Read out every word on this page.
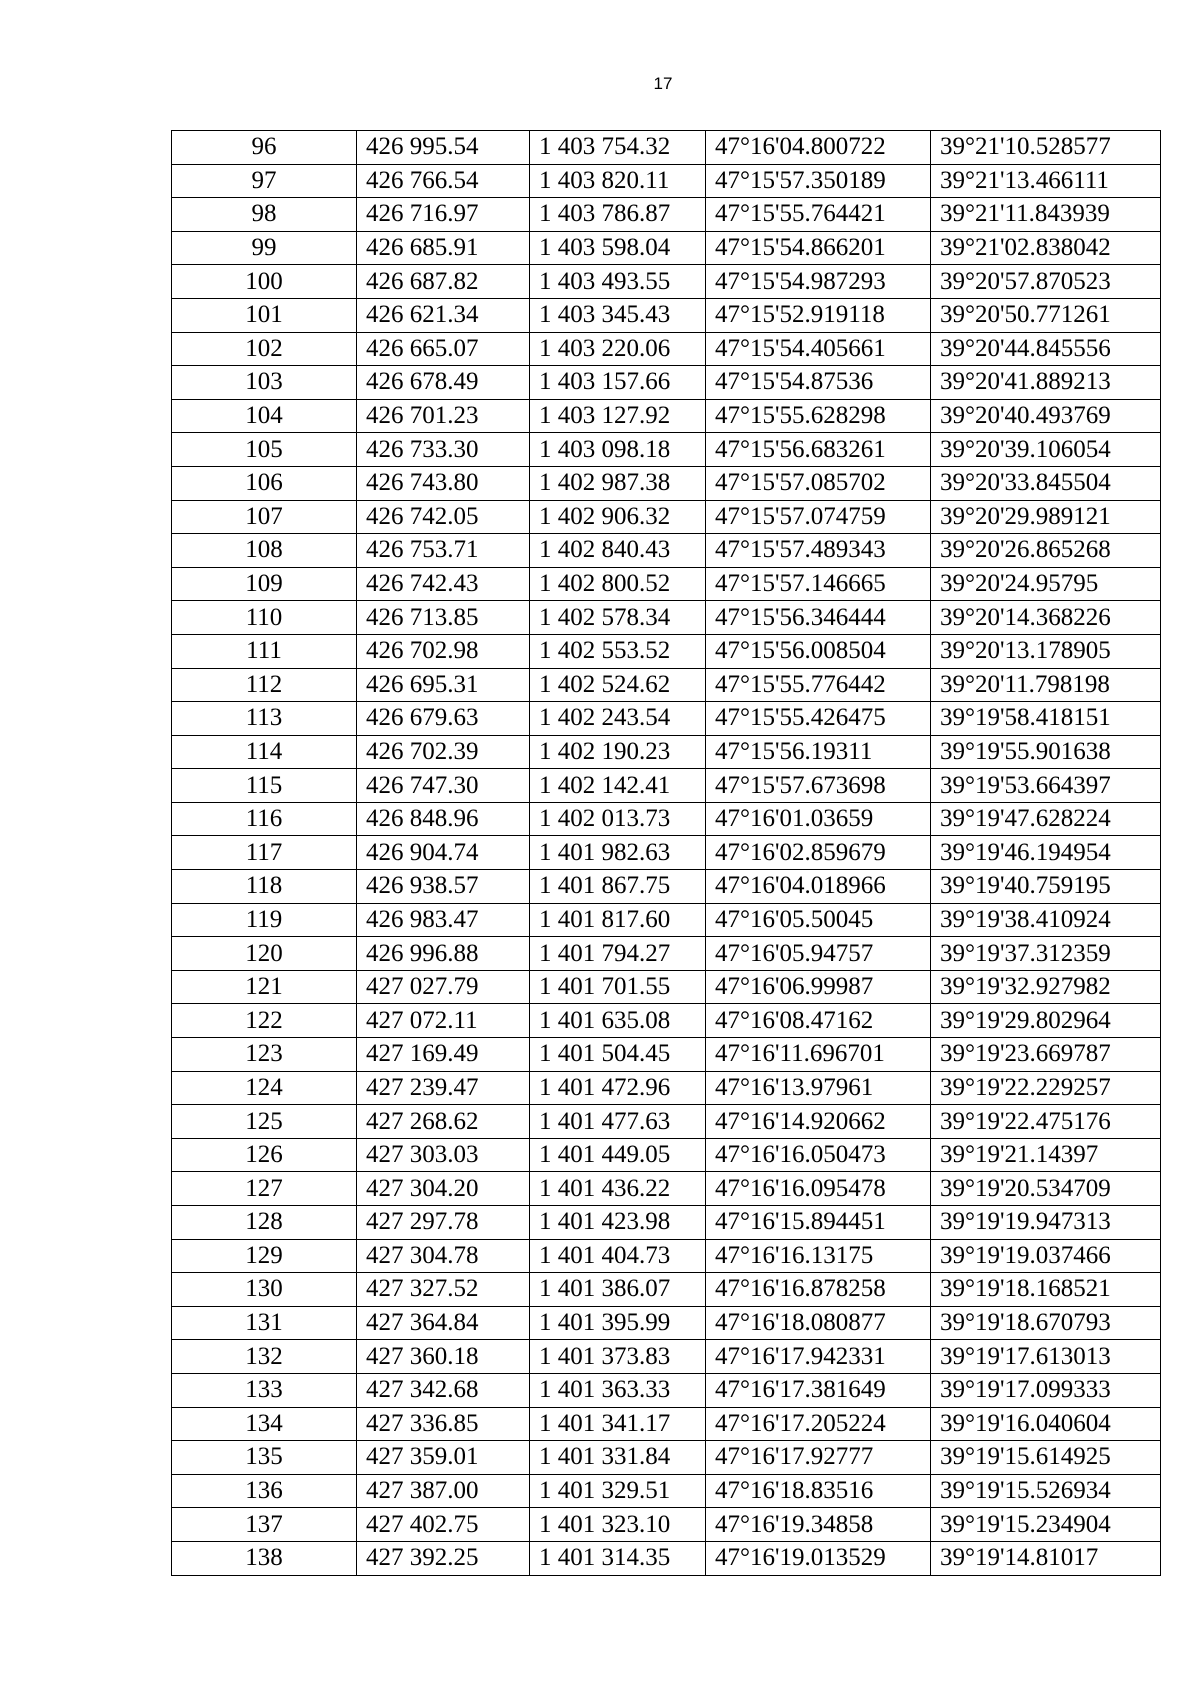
17
96	426 995.54	1 403 754.32	47°16'04.800722	39°21'10.528577
97	426 766.54	1 403 820.11	47°15'57.350189	39°21'13.466111
98	426 716.97	1 403 786.87	47°15'55.764421	39°21'11.843939
99	426 685.91	1 403 598.04	47°15'54.866201	39°21'02.838042
100	426 687.82	1 403 493.55	47°15'54.987293	39°20'57.870523
101	426 621.34	1 403 345.43	47°15'52.919118	39°20'50.771261
102	426 665.07	1 403 220.06	47°15'54.405661	39°20'44.845556
103	426 678.49	1 403 157.66	47°15'54.87536	39°20'41.889213
104	426 701.23	1 403 127.92	47°15'55.628298	39°20'40.493769
105	426 733.30	1 403 098.18	47°15'56.683261	39°20'39.106054
106	426 743.80	1 402 987.38	47°15'57.085702	39°20'33.845504
107	426 742.05	1 402 906.32	47°15'57.074759	39°20'29.989121
108	426 753.71	1 402 840.43	47°15'57.489343	39°20'26.865268
109	426 742.43	1 402 800.52	47°15'57.146665	39°20'24.95795
110	426 713.85	1 402 578.34	47°15'56.346444	39°20'14.368226
111	426 702.98	1 402 553.52	47°15'56.008504	39°20'13.178905
112	426 695.31	1 402 524.62	47°15'55.776442	39°20'11.798198
113	426 679.63	1 402 243.54	47°15'55.426475	39°19'58.418151
114	426 702.39	1 402 190.23	47°15'56.19311	39°19'55.901638
115	426 747.30	1 402 142.41	47°15'57.673698	39°19'53.664397
116	426 848.96	1 402 013.73	47°16'01.03659	39°19'47.628224
117	426 904.74	1 401 982.63	47°16'02.859679	39°19'46.194954
118	426 938.57	1 401 867.75	47°16'04.018966	39°19'40.759195
119	426 983.47	1 401 817.60	47°16'05.50045	39°19'38.410924
120	426 996.88	1 401 794.27	47°16'05.94757	39°19'37.312359
121	427 027.79	1 401 701.55	47°16'06.99987	39°19'32.927982
122	427 072.11	1 401 635.08	47°16'08.47162	39°19'29.802964
123	427 169.49	1 401 504.45	47°16'11.696701	39°19'23.669787
124	427 239.47	1 401 472.96	47°16'13.97961	39°19'22.229257
125	427 268.62	1 401 477.63	47°16'14.920662	39°19'22.475176
126	427 303.03	1 401 449.05	47°16'16.050473	39°19'21.14397
127	427 304.20	1 401 436.22	47°16'16.095478	39°19'20.534709
128	427 297.78	1 401 423.98	47°16'15.894451	39°19'19.947313
129	427 304.78	1 401 404.73	47°16'16.13175	39°19'19.037466
130	427 327.52	1 401 386.07	47°16'16.878258	39°19'18.168521
131	427 364.84	1 401 395.99	47°16'18.080877	39°19'18.670793
132	427 360.18	1 401 373.83	47°16'17.942331	39°19'17.613013
133	427 342.68	1 401 363.33	47°16'17.381649	39°19'17.099333
134	427 336.85	1 401 341.17	47°16'17.205224	39°19'16.040604
135	427 359.01	1 401 331.84	47°16'17.92777	39°19'15.614925
136	427 387.00	1 401 329.51	47°16'18.83516	39°19'15.526934
137	427 402.75	1 401 323.10	47°16'19.34858	39°19'15.234904
138	427 392.25	1 401 314.35	47°16'19.013529	39°19'14.81017
